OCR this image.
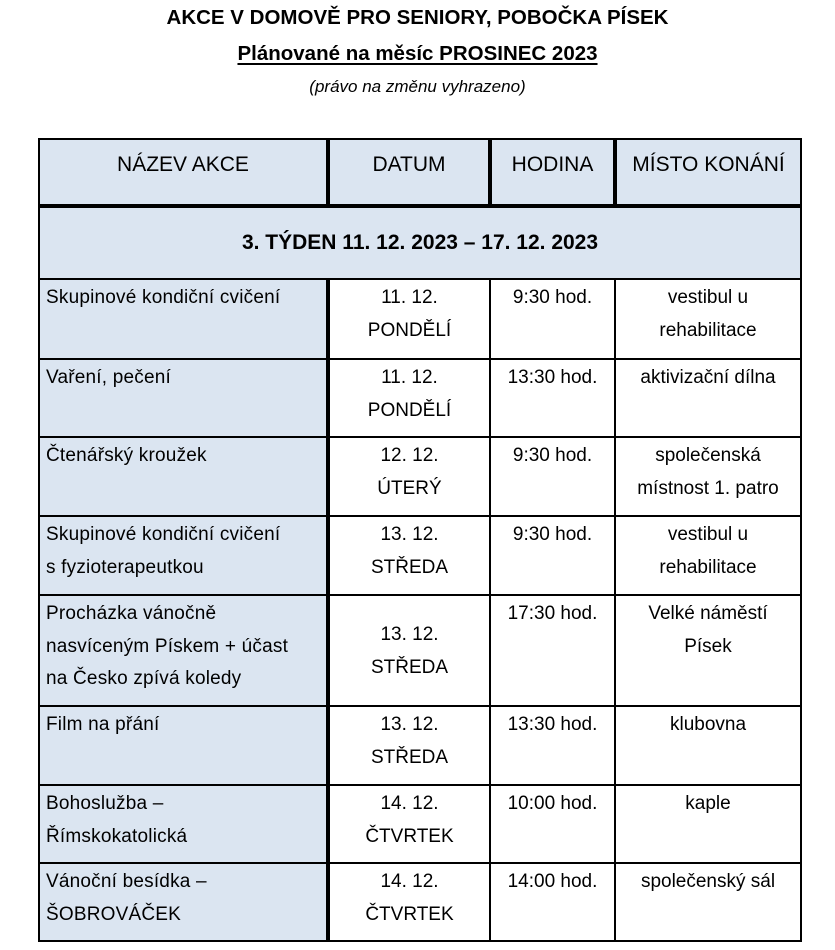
AKCE V DOMOVĚ PRO SENIORY, POBOČKA PÍSEK
Plánované na měsíc PROSINEC 2023
(právo na změnu vyhrazeno)
NÁZEV AKCE	DATUM	HODINA	MÍSTO KONÁNÍ
3. TÝDEN 11. 12. 2023 – 17. 12. 2023			

Skupinové kondiční cvičení	11. 12.
PONDĚLÍ	9:30 hod.	vestibul u
rehabilitace

Vaření, pečení	11. 12.
PONDĚLÍ	13:30 hod.	aktivizační dílna

Čtenářský kroužek	12. 12.
ÚTERÝ	9:30 hod.	společenská
místnost 1. patro

Skupinové kondiční cvičení
s fyzioterapeutkou	13. 12.
STŘEDA	9:30 hod.	vestibul u
rehabilitace

Procházka vánočně
nasvíceným Pískem + účast
na Česko zpívá koledy	13. 12.
STŘEDA	17:30 hod.	Velké náměstí
Písek

Film na přání	13. 12.
STŘEDA	13:30 hod.	klubovna

Bohoslužba –
Římskokatolická	14. 12.
ČTVRTEK	10:00 hod.	kaple

Vánoční besídka –
ŠOBROVÁČEK	14. 12.
ČTVRTEK	14:00 hod.	společenský sál
